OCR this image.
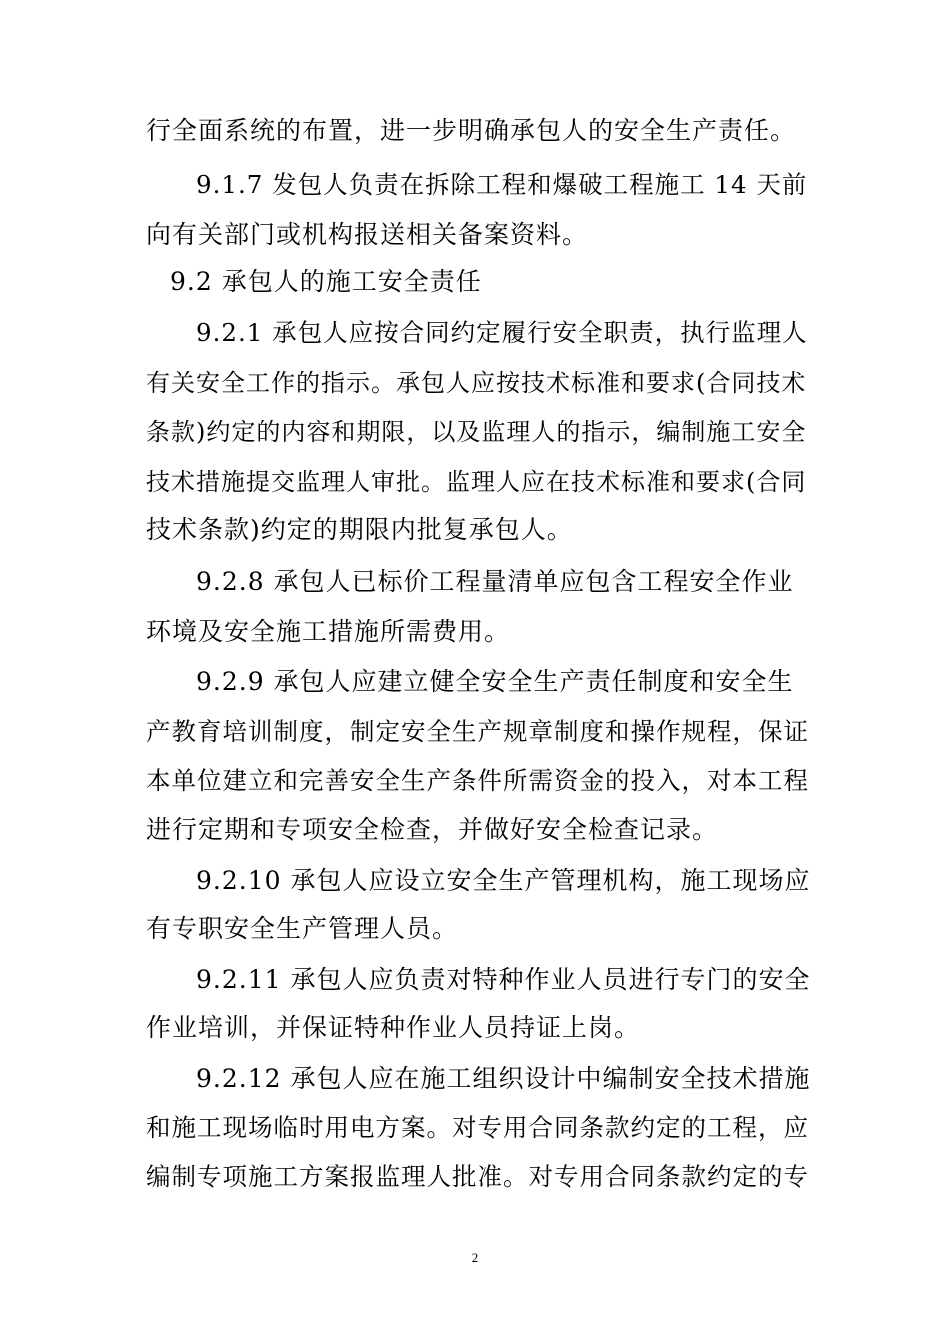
行全面系统的布置，进一步明确承包人的安全生产责任。
9.1.7 发包人负责在拆除工程和爆破工程施工 14 天前
向有关部门或机构报送相关备案资料。
9.2 承包人的施工安全责任
9.2.1 承包人应按合同约定履行安全职责，执行监理人
有关安全工作的指示。承包人应按技术标准和要求(合同技术
条款)约定的内容和期限，以及监理人的指示，编制施工安全
技术措施提交监理人审批。监理人应在技术标准和要求(合同
技术条款)约定的期限内批复承包人。
9.2.8 承包人已标价工程量清单应包含工程安全作业
环境及安全施工措施所需费用。
9.2.9 承包人应建立健全安全生产责任制度和安全生
产教育培训制度，制定安全生产规章制度和操作规程，保证
本单位建立和完善安全生产条件所需资金的投入，对本工程
进行定期和专项安全检查，并做好安全检查记录。
9.2.10 承包人应设立安全生产管理机构，施工现场应
有专职安全生产管理人员。
9.2.11 承包人应负责对特种作业人员进行专门的安全
作业培训，并保证特种作业人员持证上岗。
9.2.12 承包人应在施工组织设计中编制安全技术措施
和施工现场临时用电方案。对专用合同条款约定的工程，应
编制专项施工方案报监理人批准。对专用合同条款约定的专
2
